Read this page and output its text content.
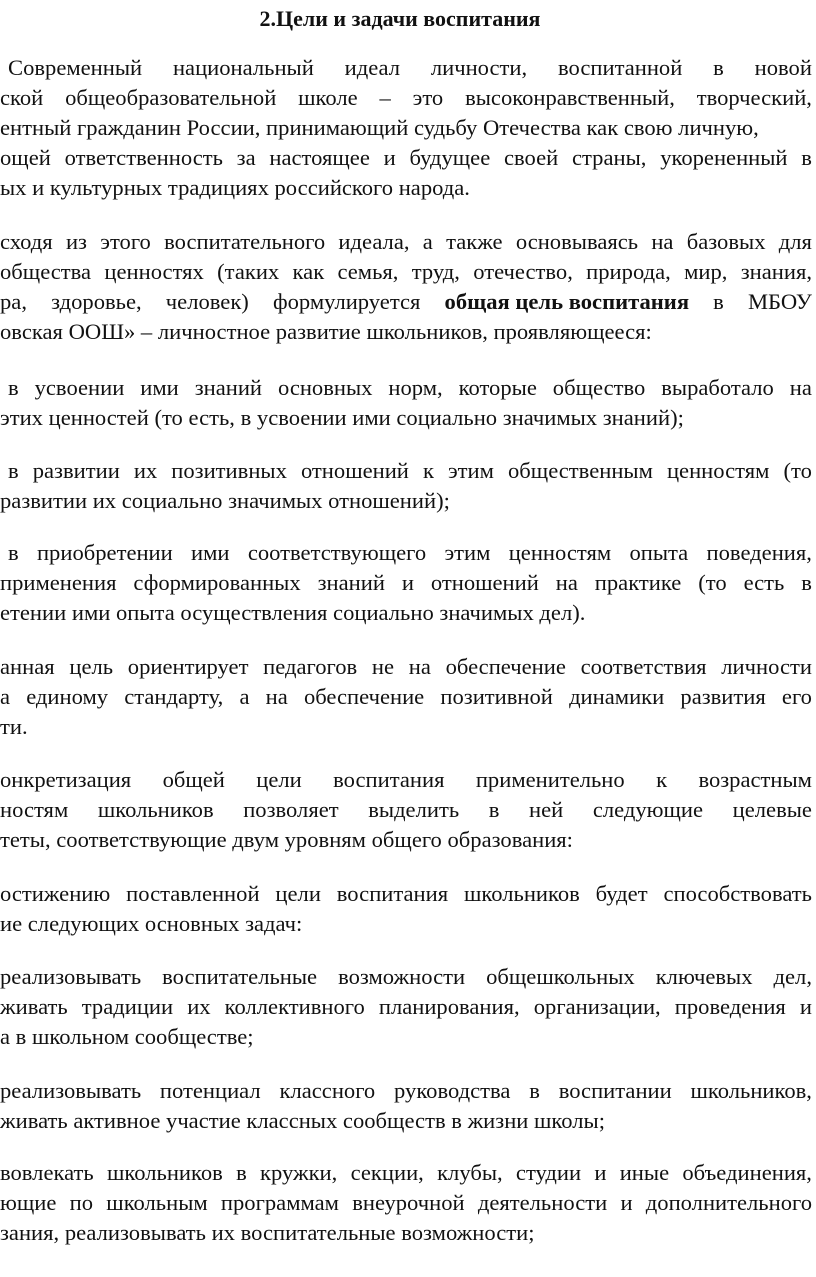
2.Цели и задачи воспитания
Современный национальный идеал личности, воспитанной в новой
ской общеобразовательной школе – это высоконравственный, творческий,
ентный гражданин России, принимающий судьбу Отечества как свою личную,
ощей ответственность за настоящее и будущее своей страны, укорененный в
ых и культурных традициях российского народа.
сходя из этого воспитательного идеала, а также основываясь на базовых для
общества ценностях (таких как семья, труд, отечество, природа, мир, знания,
ра, здоровье, человек) формулируется общая цель воспитания в МБОУ
овская ООШ» – личностное развитие школьников, проявляющееся:
в усвоении ими знаний основных норм, которые общество выработало на
этих ценностей (то есть, в усвоении ими социально значимых знаний);
в развитии их позитивных отношений к этим общественным ценностям (то
развитии их социально значимых отношений);
в приобретении ими соответствующего этим ценностям опыта поведения,
применения сформированных знаний и отношений на практике (то есть в
етении ими опыта осуществления социально значимых дел).
анная цель ориентирует педагогов не на обеспечение соответствия личности
а единому стандарту, а на обеспечение позитивной динамики развития его
ти.
онкретизация общей цели воспитания применительно к возрастным
ностям школьников позволяет выделить в ней следующие целевые
теты, соответствующие двум уровням общего образования:
остижению поставленной цели воспитания школьников будет способствовать
ие следующих основных задач:
реализовывать воспитательные возможности общешкольных ключевых дел,
живать традиции их коллективного планирования, организации, проведения и
а в школьном сообществе;
реализовывать потенциал классного руководства в воспитании школьников,
живать активное участие классных сообществ в жизни школы;
вовлекать школьников в кружки, секции, клубы, студии и иные объединения,
ющие по школьным программам внеурочной деятельности и дополнительного
зания, реализовывать их воспитательные возможности;
